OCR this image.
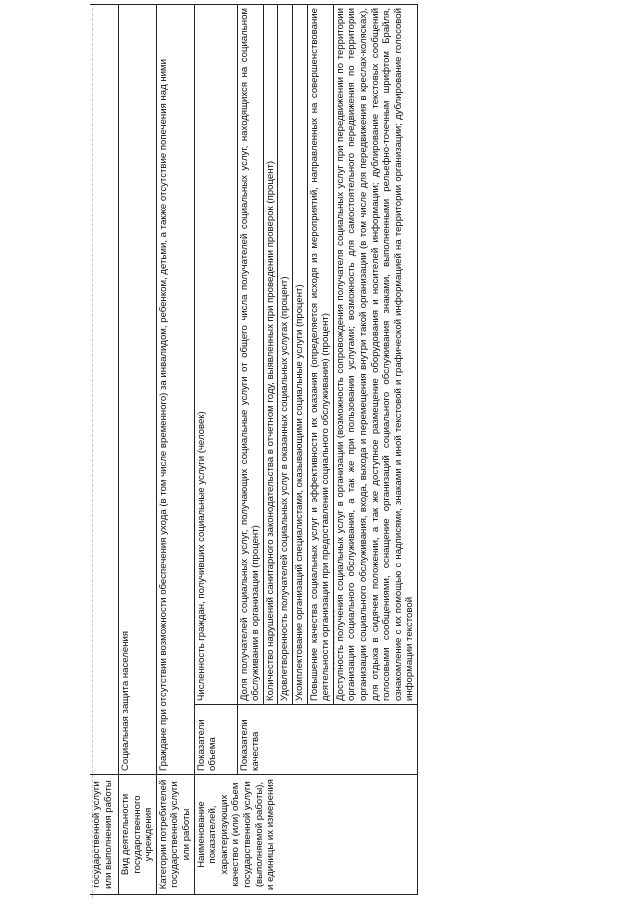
государственной услуги или выполнения работы		
Вид деятельности государственного учреждения	Социальная защита населения	
Категории потребителей государственной услуги или работы	Граждане при отсутствии возможности обеспечения ухода (в том числе временного) за инвалидом, ребенком, детьми, а также отсутствие попечения над ними	
Наименование показателей, характеризующих качество и (или) объем государственной услуги (выполняемой работы), и единицы их измерения	Показатели объема	Численность граждан, получивших социальные услуги (человек)
	Показатели качества	Доля получателей социальных услуг, получающих социальные услуги от общего числа получателей социальных услуг, находящихся на социальном обслуживании в организации (процент)
		Количество нарушений санитарного законодательства в отчетном году, выявленных при проведении проверок (процент)
		Удовлетворенность получателей социальных услуг в оказанных социальных услугах (процент)
		Укомплектование организаций специалистами, оказывающими социальные услуги (процент)
		Повышение качества социальных услуг и эффективности их оказания (определяется исходя из мероприятий, направленных на совершенствование деятельности организации при предоставлении социального обслуживания) (процент)
		Доступность получения социальных услуг в организации (возможность сопровождения получателя социальных услуг при передвижении по территории организации социального обслуживания, а так же при пользовании услугами; возможность для самостоятельного передвижения по территории организации социального обслуживания, входа, выхода и перемещения внутри такой организации (в том числе для передвижения в креслах-колясках), для отдыха в сидячем положении, а так же доступное размещение оборудования и носителей информации; дублирование текстовых сообщений голосовыми сообщениями, оснащение организаций социального обслуживания знаками, выполненными рельефно-точечным шрифтом Брайля, ознакомление с их помощью с надписями, знаками и иной текстовой и графической информацией на территории организации; дублирование голосовой информации текстовой
